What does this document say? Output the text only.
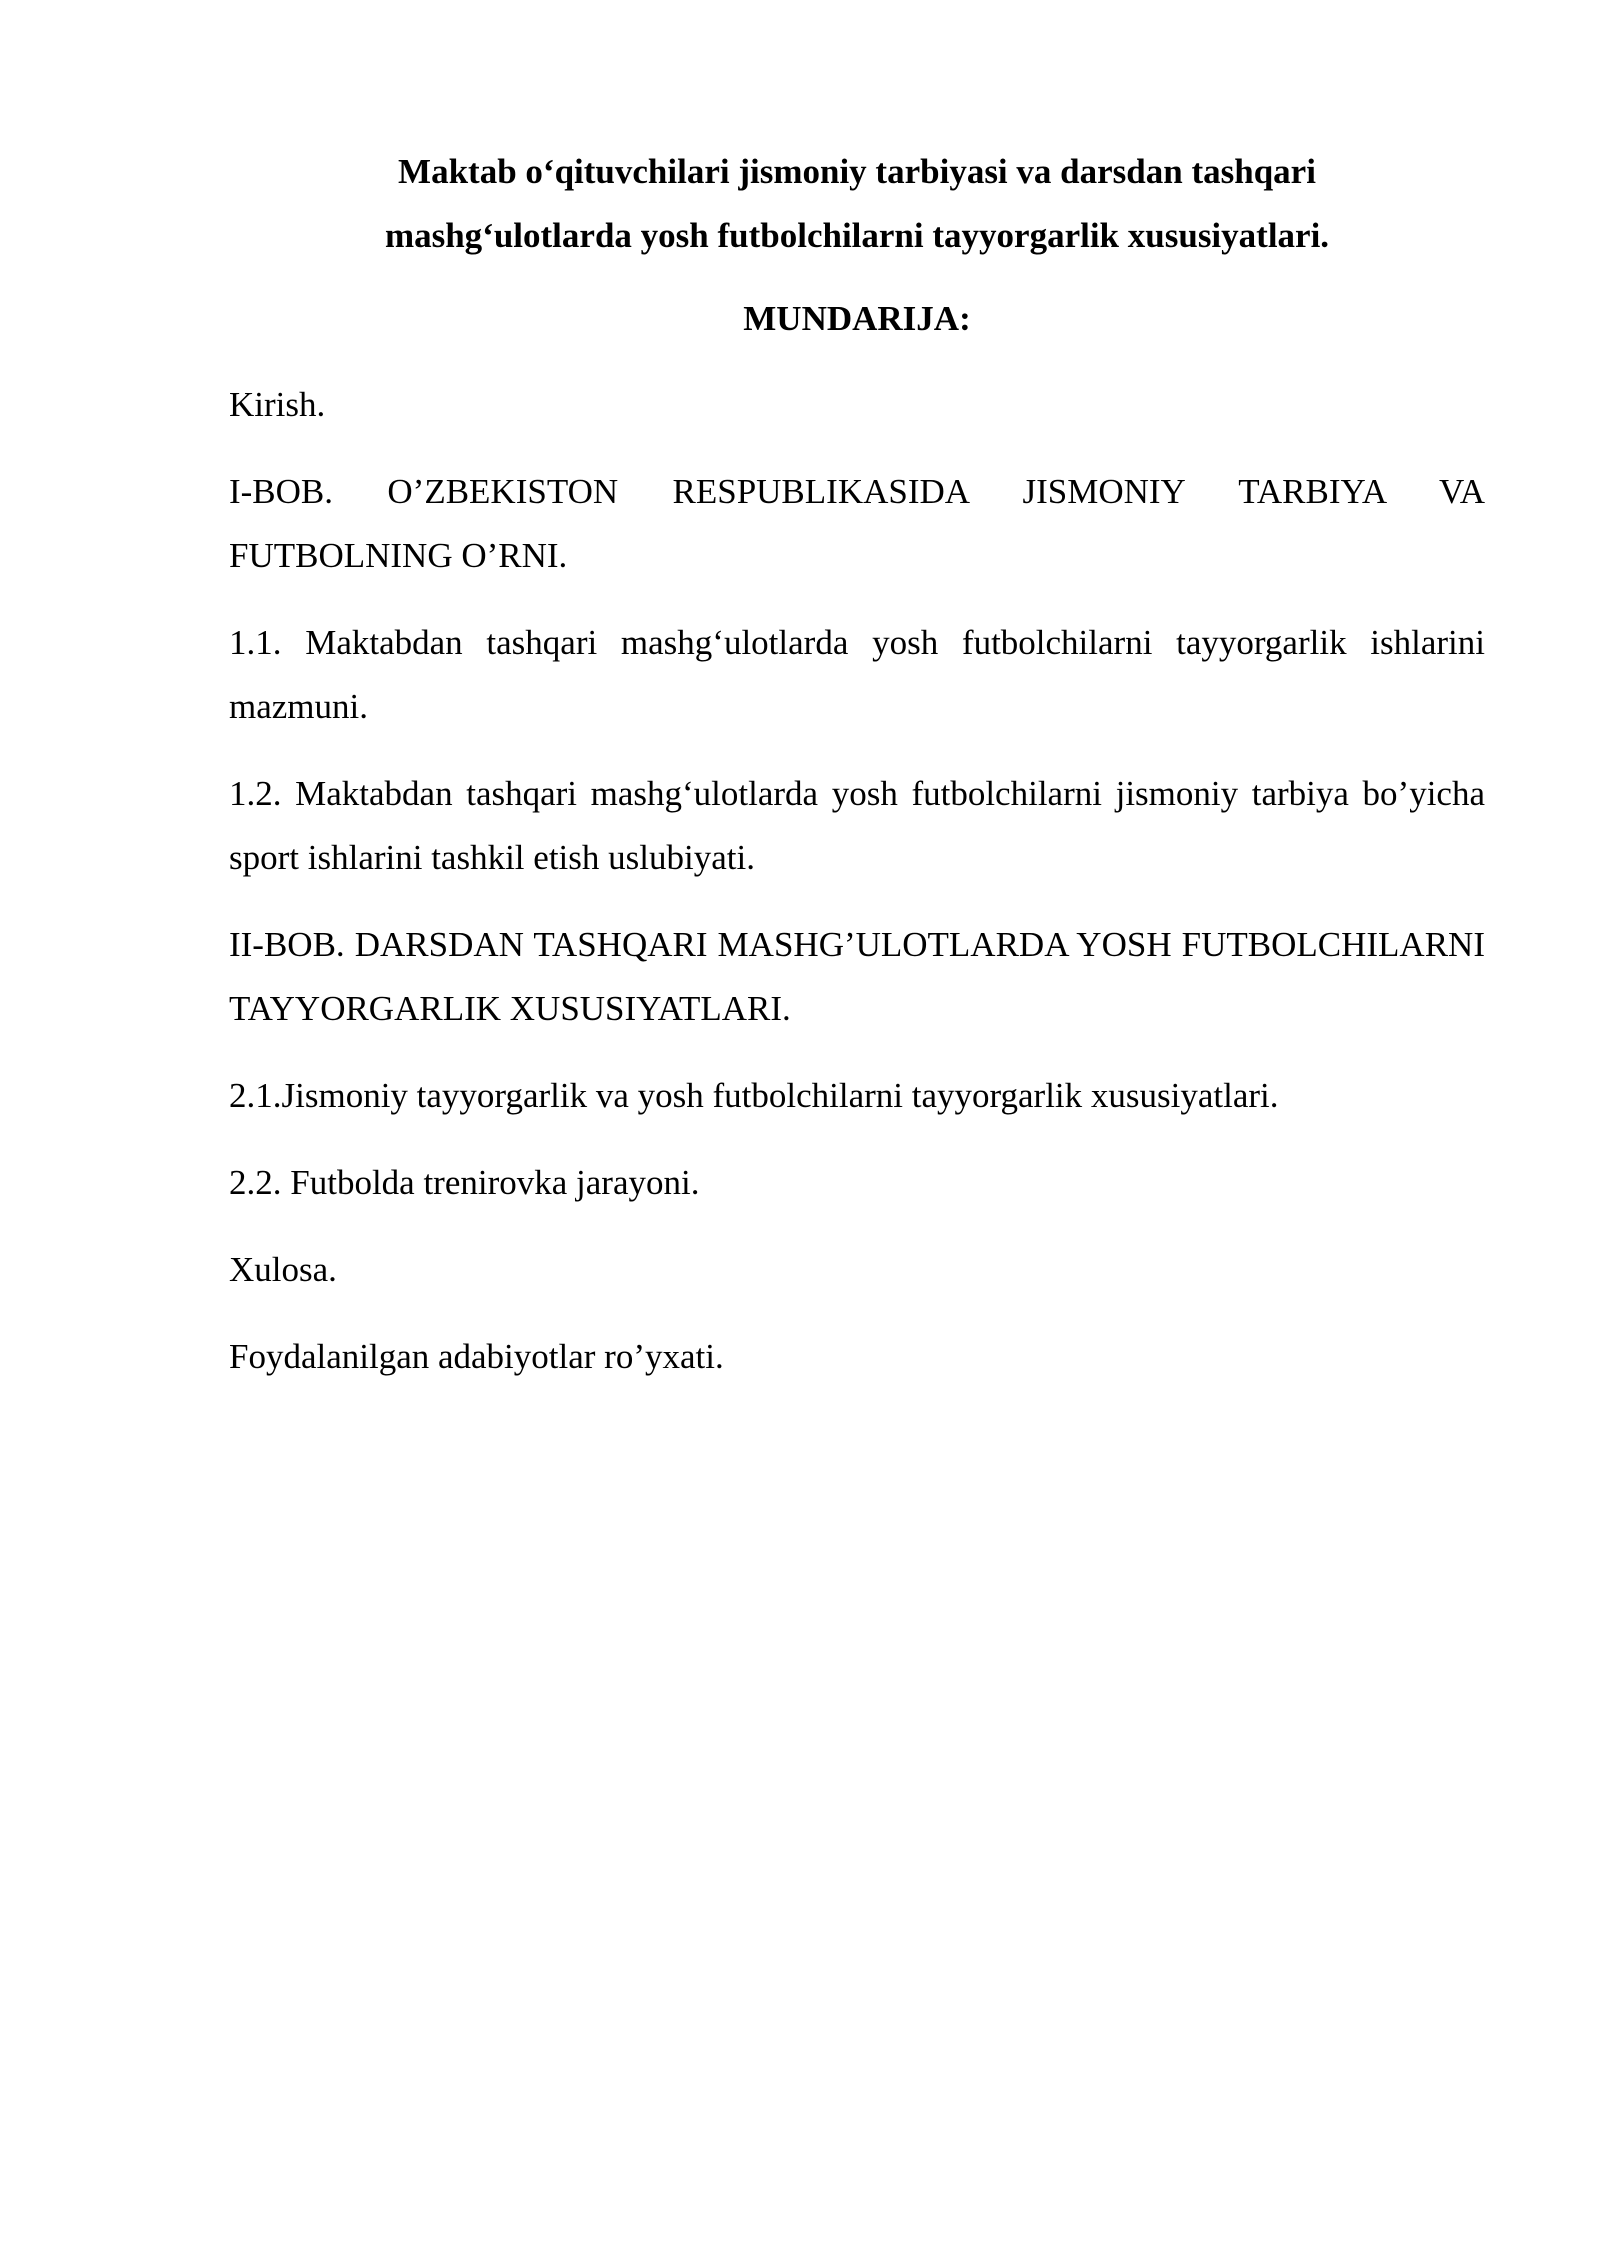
Maktab o‘qituvchilari jismoniy tarbiyasi va darsdan tashqari
mashg‘ulotlarda yosh futbolchilarni tayyorgarlik xususiyatlari.
MUNDARIJA:
Kirish.
I-BOB. O’ZBEKISTON RESPUBLIKASIDA JISMONIY TARBIYA VA FUTBOLNING O’RNI.
1.1. Maktabdan tashqari mashg‘ulotlarda yosh futbolchilarni tayyorgarlik ishlarini mazmuni.
1.2. Maktabdan tashqari mashg‘ulotlarda yosh futbolchilarni jismoniy tarbiya bo’yicha sport ishlarini tashkil etish uslubiyati.
II-BOB. DARSDAN TASHQARI MASHG’ULOTLARDA YOSH FUTBOLCHILARNI TAYYORGARLIK XUSUSIYATLARI.
2.1.Jismoniy tayyorgarlik va yosh futbolchilarni tayyorgarlik xususiyatlari.
2.2. Futbolda trenirovka jarayoni.
Xulosa.
Foydalanilgan adabiyotlar ro’yxati.
